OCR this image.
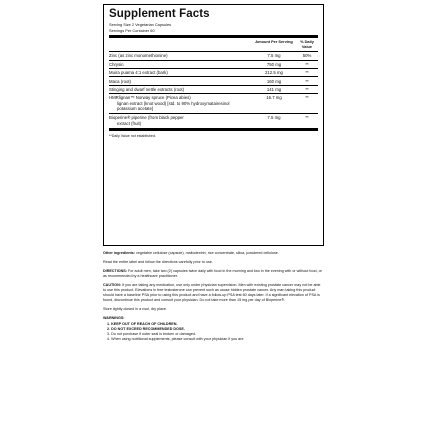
Supplement Facts
Serving Size 2 Vegetarian Capsules
Servings Per Container 60
Amount Per Serving	% Daily Value
Zinc (as zinc monomethionine)	7.5 mg	50%
Chrysin	750 mg	**
Muira puama 4:1 extract (bark)	212.5 mg	**
Maca (root)	160 mg	**
Stinging and dwarf nettle extracts (root)	141 mg	**
HMRlignan™ Norway spruce (Picea abies)	16.7 mg	**
lignan extract (knot wood) [std. to 90% hydroxymatairesinol potassium acetate]
Bioperine® piperine (from black pepper	7.5 mg	**
extract (fruit)
**Daily Value not established.

Other ingredients: vegetable cellulose (capsule), maltodextrin, rice concentrate, silica, powdered cellulose.

Read the entire label and follow the directions carefully prior to use.

DIRECTIONS: For adult men, take two (2) capsules twice daily with food in the morning and two in the evening with or without food, or as recommended by a healthcare practitioner.

CAUTION: If you are taking any medication, use only under physician supervision. Men with existing prostate cancer may not be able to use this product. Elevations in free testosterone can prevent such as cause hidden prostate cancer. Any man taking this product should have a baseline PSA prior to using this product and have a follow-up PSA test 60 days later. If a significant elevation of PSA is found, discontinue this product and consult your physician. Do not take more than 15 mg per day of Bioperine®.

Store tightly closed in a cool, dry place.

WARNINGS:
1. KEEP OUT OF REACH OF CHILDREN.
2. DO NOT EXCEED RECOMMENDED DOSE.
3. Do not purchase if outer seal is broken or damaged.
4. When using nutritional supplements, please consult with your physician if you are
